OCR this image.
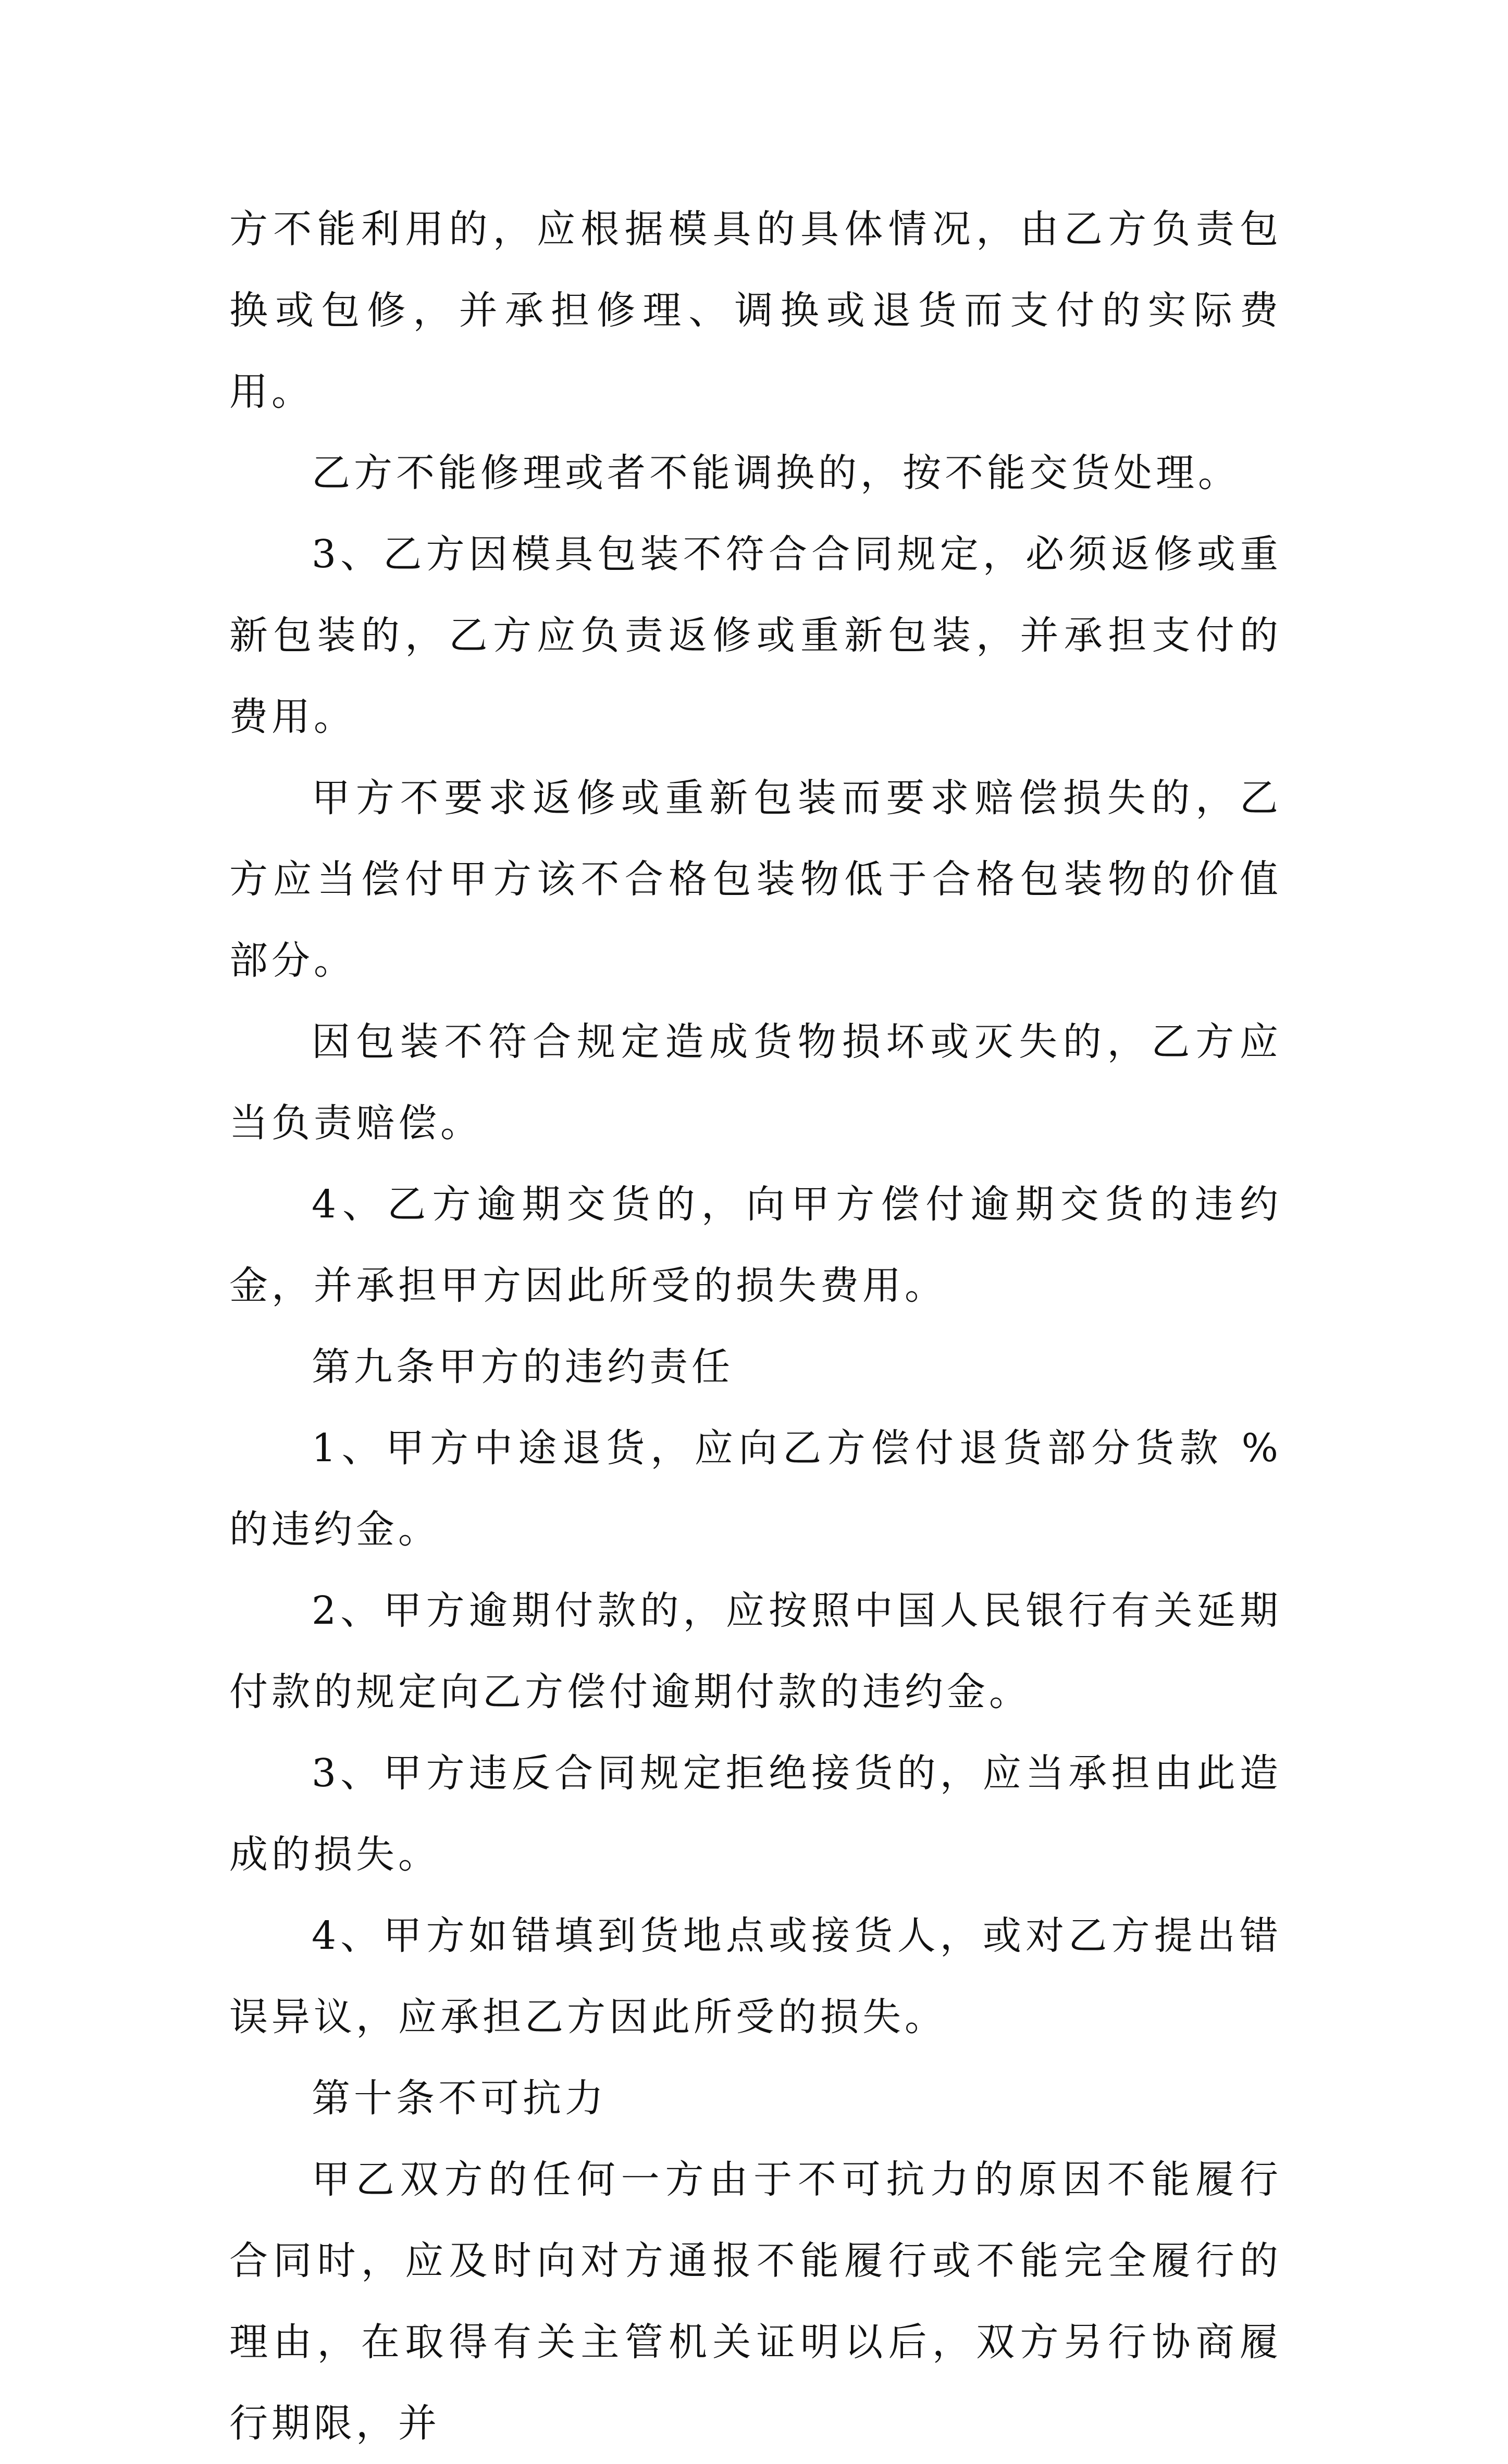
方不能利用的，应根据模具的具体情况，由乙方负责包换或包修，并承担修理、调换或退货而支付的实际费用。

乙方不能修理或者不能调换的，按不能交货处理。

3、乙方因模具包装不符合合同规定，必须返修或重新包装的，乙方应负责返修或重新包装，并承担支付的费用。

甲方不要求返修或重新包装而要求赔偿损失的，乙方应当偿付甲方该不合格包装物低于合格包装物的价值部分。

因包装不符合规定造成货物损坏或灭失的，乙方应当负责赔偿。

4、乙方逾期交货的，向甲方偿付逾期交货的违约金，并承担甲方因此所受的损失费用。

第九条甲方的违约责任

1、甲方中途退货，应向乙方偿付退货部分货款 %的违约金。

2、甲方逾期付款的，应按照中国人民银行有关延期付款的规定向乙方偿付逾期付款的违约金。

3、甲方违反合同规定拒绝接货的，应当承担由此造成的损失。

4、甲方如错填到货地点或接货人，或对乙方提出错误异议，应承担乙方因此所受的损失。

第十条不可抗力

甲乙双方的任何一方由于不可抗力的原因不能履行合同时，应及时向对方通报不能履行或不能完全履行的理由，在取得有关主管机关证明以后，双方另行协商履行期限，并
